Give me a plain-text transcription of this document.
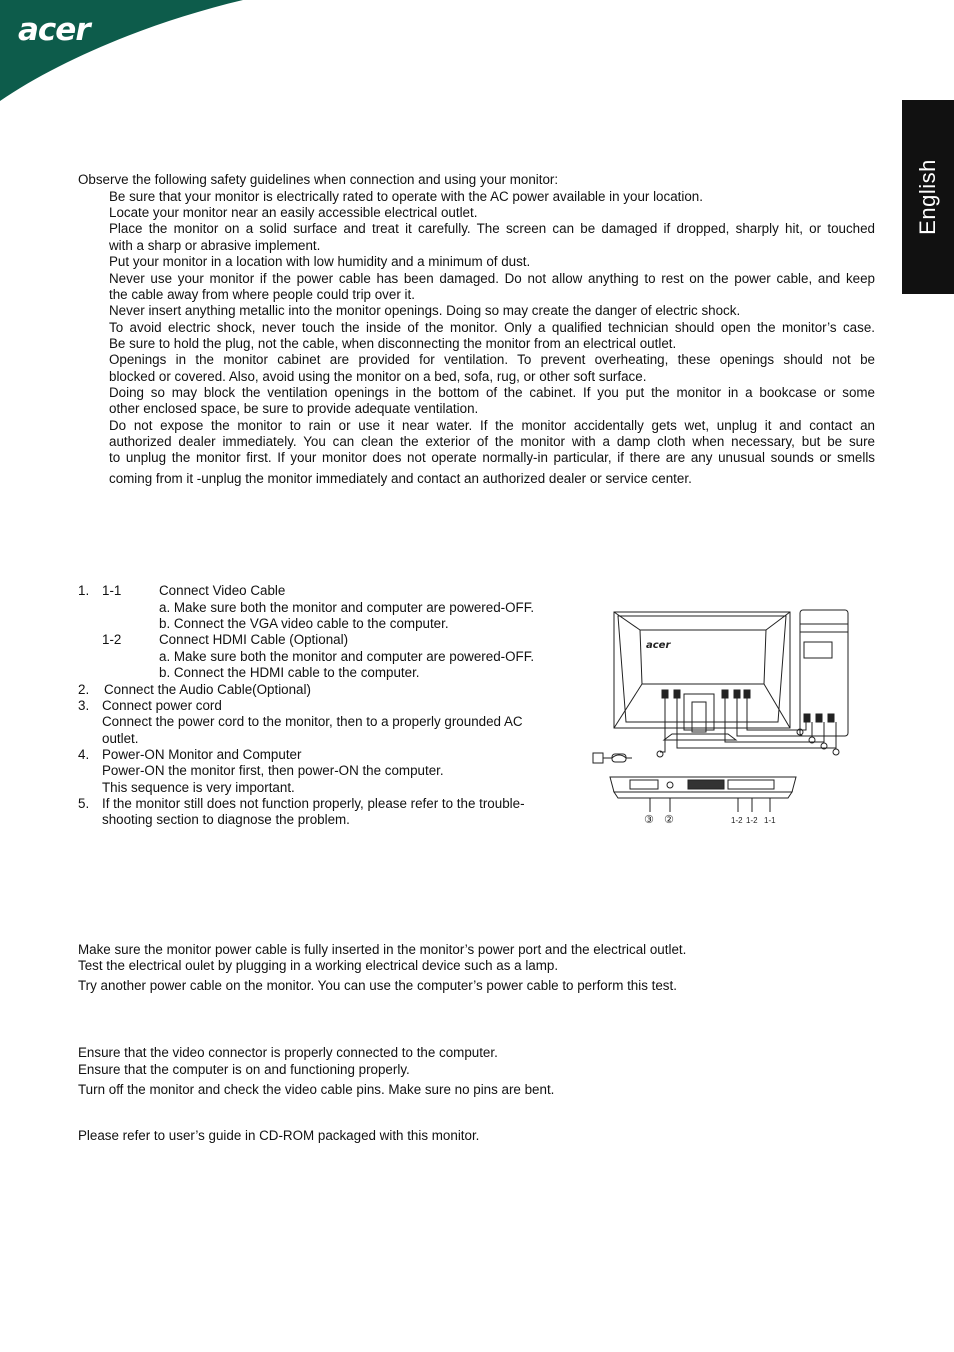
acer
English
Observe the following safety guidelines when connection and using your monitor:
Be sure that your monitor is electrically rated to operate with the AC power available in your location.
Locate your monitor near an easily accessible electrical outlet.
Place the monitor on a solid surface and treat it carefully. The screen can be damaged if dropped, sharply hit, or touched
with a sharp or abrasive implement.
Put your monitor in a location with low humidity and a minimum of dust.
Never use your monitor if the power cable has been damaged. Do not allow anything to rest on the power cable, and keep
the cable away from where people could trip over it.
Never insert anything metallic into the monitor openings. Doing so may create the danger of electric shock.
To avoid electric shock, never touch the inside of the monitor. Only a qualified technician should open the monitor’s case.
Be sure to hold the plug, not the cable, when disconnecting the monitor from an electrical outlet.
Openings in the monitor cabinet are provided for ventilation. To prevent overheating, these openings should not be
blocked or covered. Also, avoid using the monitor on a bed, sofa, rug, or other soft surface.
Doing so may block the ventilation openings in the bottom of the cabinet. If you put the monitor in a bookcase or some
other enclosed space, be sure to provide adequate ventilation.
Do not expose the monitor to rain or use it near water. If the monitor accidentally gets wet, unplug it and contact an
authorized dealer immediately. You can clean the exterior of the monitor with a damp cloth when necessary, but be sure
to unplug the monitor first. If your monitor does not operate normally-in particular, if there are any unusual sounds or smells
coming from it -unplug the monitor immediately and contact an authorized dealer or service center.
1. 1-1	Connect Video Cable
a. Make sure both the monitor and computer are powered-OFF.
b. Connect the VGA video cable to the computer.
1-2	Connect HDMI Cable (Optional)
a. Make sure both the monitor and computer are powered-OFF.
b. Connect the HDMI cable to the computer.
2. Connect the Audio Cable(Optional)
3. Connect power cord
Connect the power cord to the monitor, then to a properly grounded AC
outlet.
4. Power-ON Monitor and Computer
Power-ON the monitor first, then power-ON the computer.
This sequence is very important.
5. If the monitor still does not function properly, please refer to the trouble-
shooting section to diagnose the problem.
acer
③ ②	1-2 1-2 1-1
Make sure the monitor power cable is fully inserted in the monitor’s power port and the electrical outlet.
Test the electrical oulet by plugging in a working electrical device such as a lamp.
Try another power cable on the monitor. You can use the computer’s power cable to perform this test.
Ensure that the video connector is properly connected to the computer.
Ensure that the computer is on and functioning properly.
Turn off the monitor and check the video cable pins. Make sure no pins are bent.
Please refer to user’s guide in CD-ROM packaged with this monitor.
